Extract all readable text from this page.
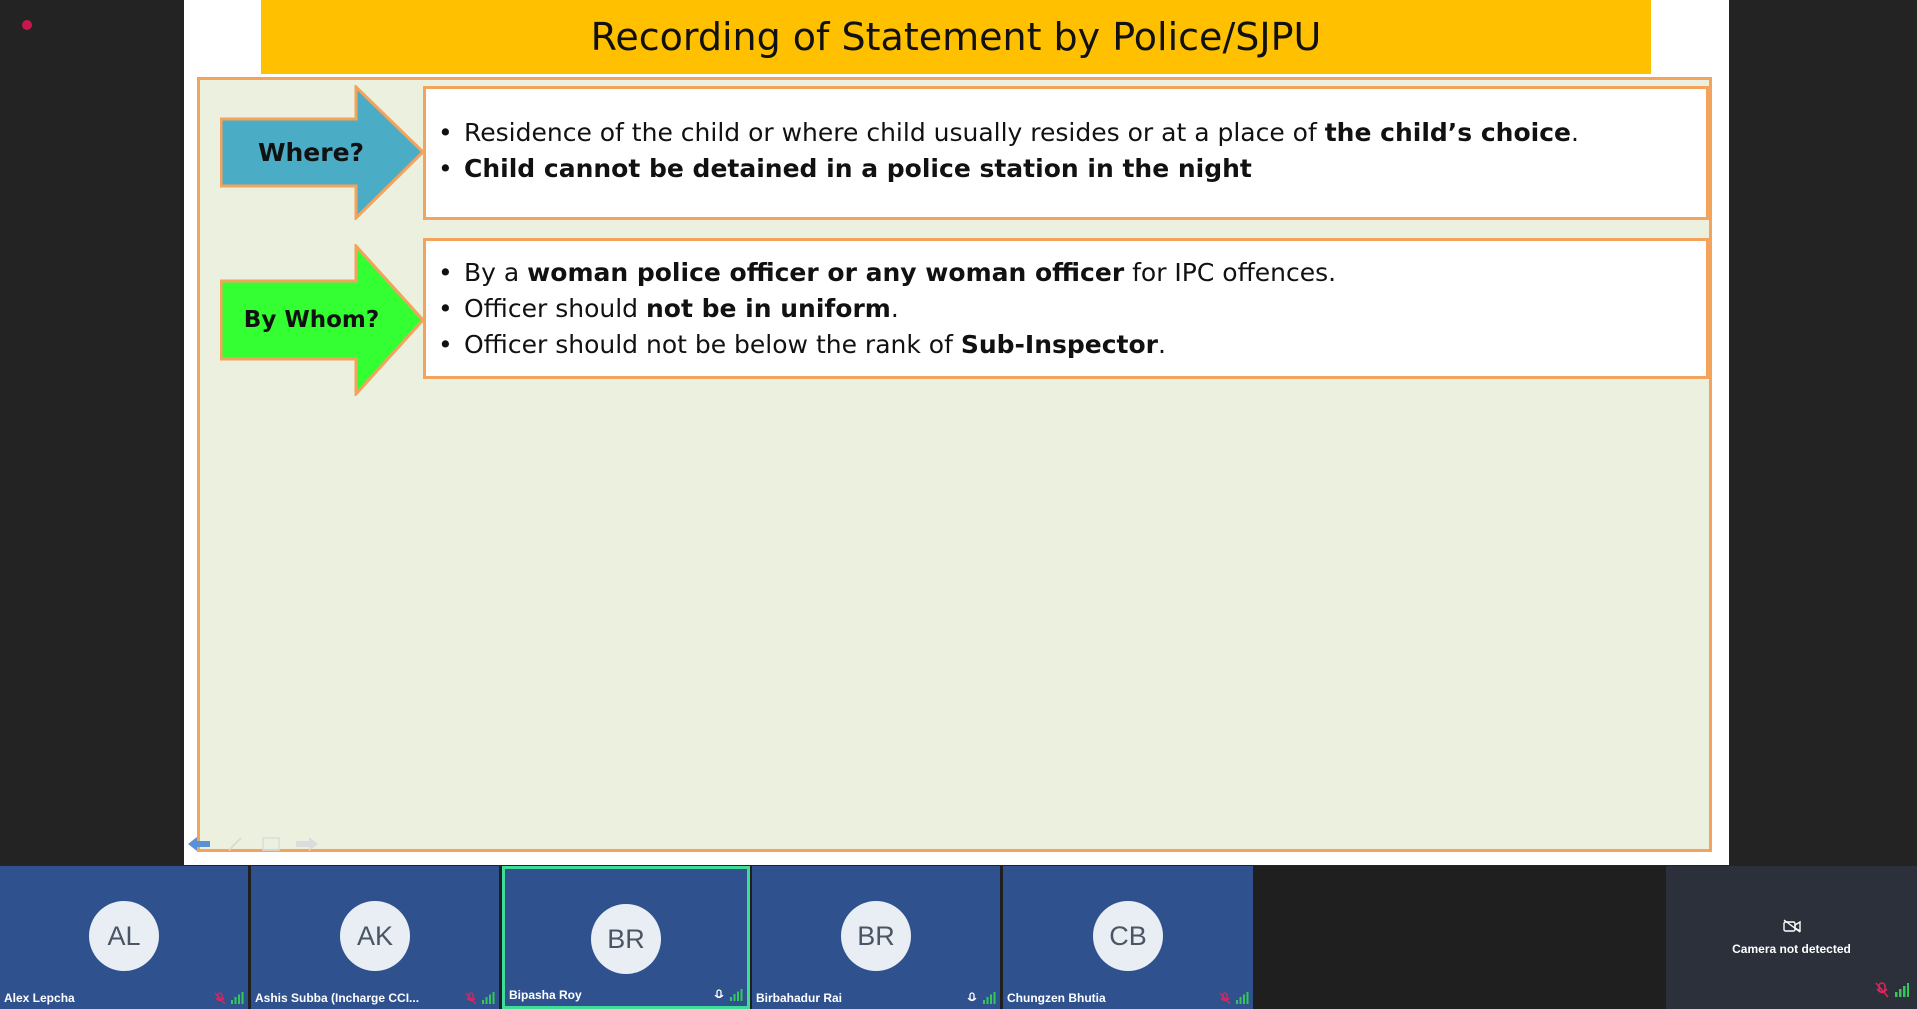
Recording of Statement by Police/SJPU
Where?
• Residence of the child or where child usually resides or at a place of the child’s choice.
• Child cannot be detained in a police station in the night
By Whom?
• By a woman police officer or any woman officer for IPC offences.
• Officer should not be in uniform.
• Officer should not be below the rank of Sub-Inspector.
AL
Alex Lepcha
AK
Ashis Subba (Incharge CCI...
BR
Bipasha Roy
BR
Birbahadur Rai
CB
Chungzen Bhutia
Camera not detected
